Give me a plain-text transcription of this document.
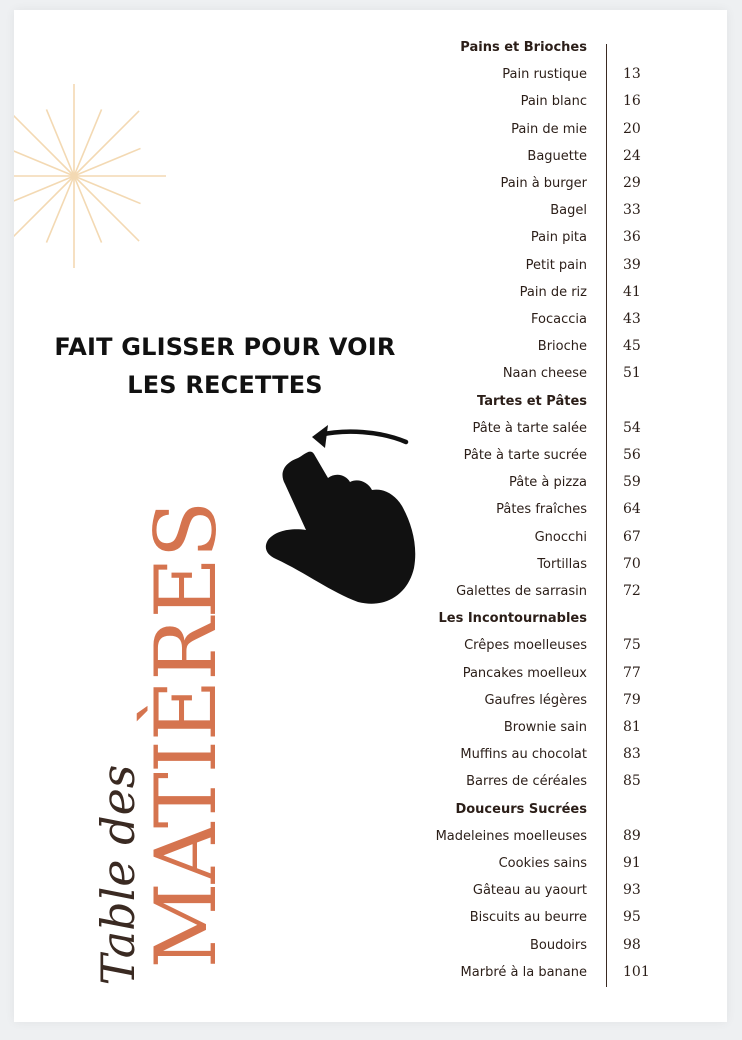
FAIT GLISSER POUR VOIR
LES RECETTES
Table des
MATIÈRES
Pains et Brioches
Pain rustique	13
Pain blanc	16
Pain de mie	20
Baguette	24
Pain à burger	29
Bagel	33
Pain pita	36
Petit pain	39
Pain de riz	41
Focaccia	43
Brioche	45
Naan cheese	51
Tartes et Pâtes
Pâte à tarte salée	54
Pâte à tarte sucrée	56
Pâte à pizza	59
Pâtes fraîches	64
Gnocchi	67
Tortillas	70
Galettes de sarrasin	72
Les Incontournables
Crêpes moelleuses	75
Pancakes moelleux	77
Gaufres légères	79
Brownie sain	81
Muffins au chocolat	83
Barres de céréales	85
Douceurs Sucrées
Madeleines moelleuses	89
Cookies sains	91
Gâteau au yaourt	93
Biscuits au beurre	95
Boudoirs	98
Marbré à la banane	101
